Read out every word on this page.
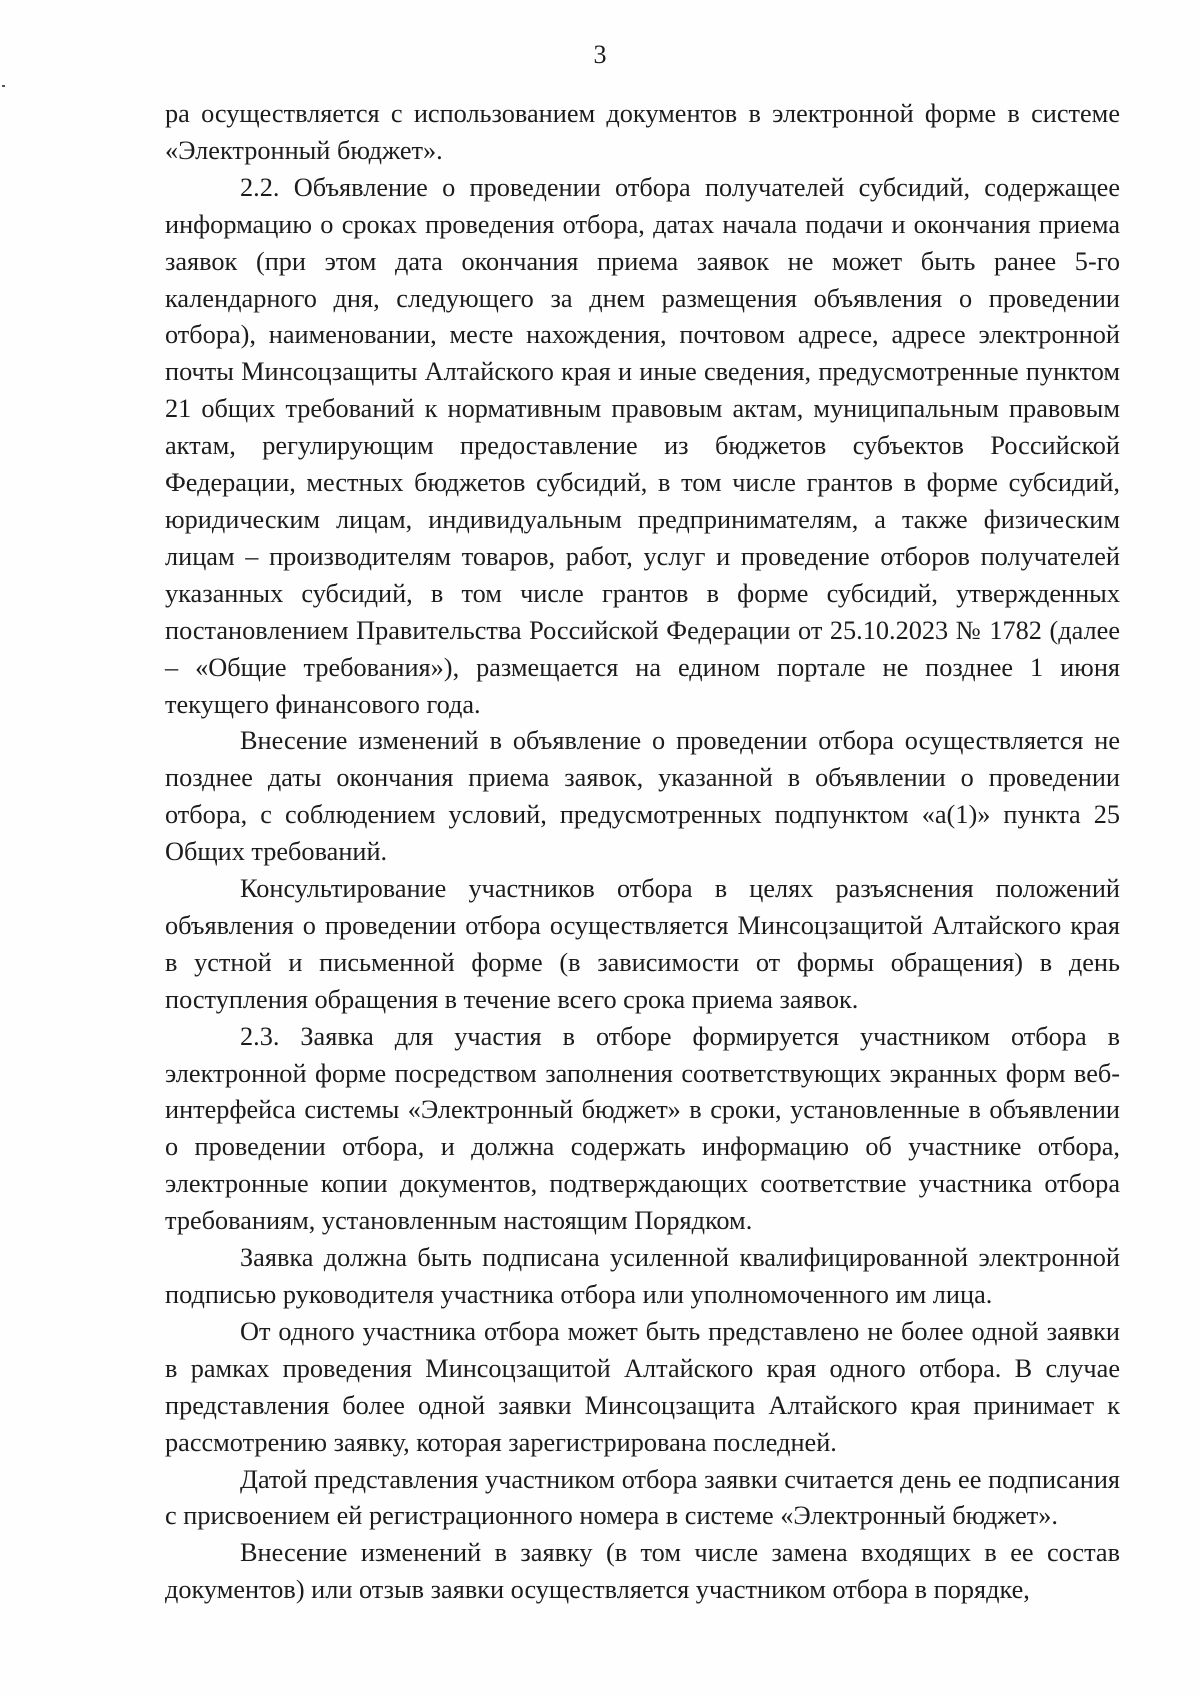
3

ра осуществляется с использованием документов в электронной форме в системе «Электронный бюджет».

2.2. Объявление о проведении отбора получателей субсидий, содержащее информацию о сроках проведения отбора, датах начала подачи и окончания приема заявок (при этом дата окончания приема заявок не может быть ранее 5-го календарного дня, следующего за днем размещения объявления о проведении отбора), наименовании, месте нахождения, почтовом адресе, адресе электронной почты Минсоцзащиты Алтайского края и иные сведения, предусмотренные пунктом 21 общих требований к нормативным правовым актам, муниципальным правовым актам, регулирующим предоставление из бюджетов субъектов Российской Федерации, местных бюджетов субсидий, в том числе грантов в форме субсидий, юридическим лицам, индивидуальным предпринимателям, а также физическим лицам – производителям товаров, работ, услуг и проведение отборов получателей указанных субсидий, в том числе грантов в форме субсидий, утвержденных постановлением Правительства Российской Федерации от 25.10.2023 № 1782 (далее – «Общие требования»), размещается на едином портале не позднее 1 июня текущего финансового года.

Внесение изменений в объявление о проведении отбора осуществляется не позднее даты окончания приема заявок, указанной в объявлении о проведении отбора, с соблюдением условий, предусмотренных подпунктом «а(1)» пункта 25 Общих требований.

Консультирование участников отбора в целях разъяснения положений объявления о проведении отбора осуществляется Минсоцзащитой Алтайского края в устной и письменной форме (в зависимости от формы обращения) в день поступления обращения в течение всего срока приема заявок.

2.3. Заявка для участия в отборе формируется участником отбора в электронной форме посредством заполнения соответствующих экранных форм веб-интерфейса системы «Электронный бюджет» в сроки, установленные в объявлении о проведении отбора, и должна содержать информацию об участнике отбора, электронные копии документов, подтверждающих соответствие участника отбора требованиям, установленным настоящим Порядком.

Заявка должна быть подписана усиленной квалифицированной электронной подписью руководителя участника отбора или уполномоченного им лица.

От одного участника отбора может быть представлено не более одной заявки в рамках проведения Минсоцзащитой Алтайского края одного отбора. В случае представления более одной заявки Минсоцзащита Алтайского края принимает к рассмотрению заявку, которая зарегистрирована последней.

Датой представления участником отбора заявки считается день ее подписания с присвоением ей регистрационного номера в системе «Электронный бюджет».

Внесение изменений в заявку (в том числе замена входящих в ее состав документов) или отзыв заявки осуществляется участником отбора в порядке,
